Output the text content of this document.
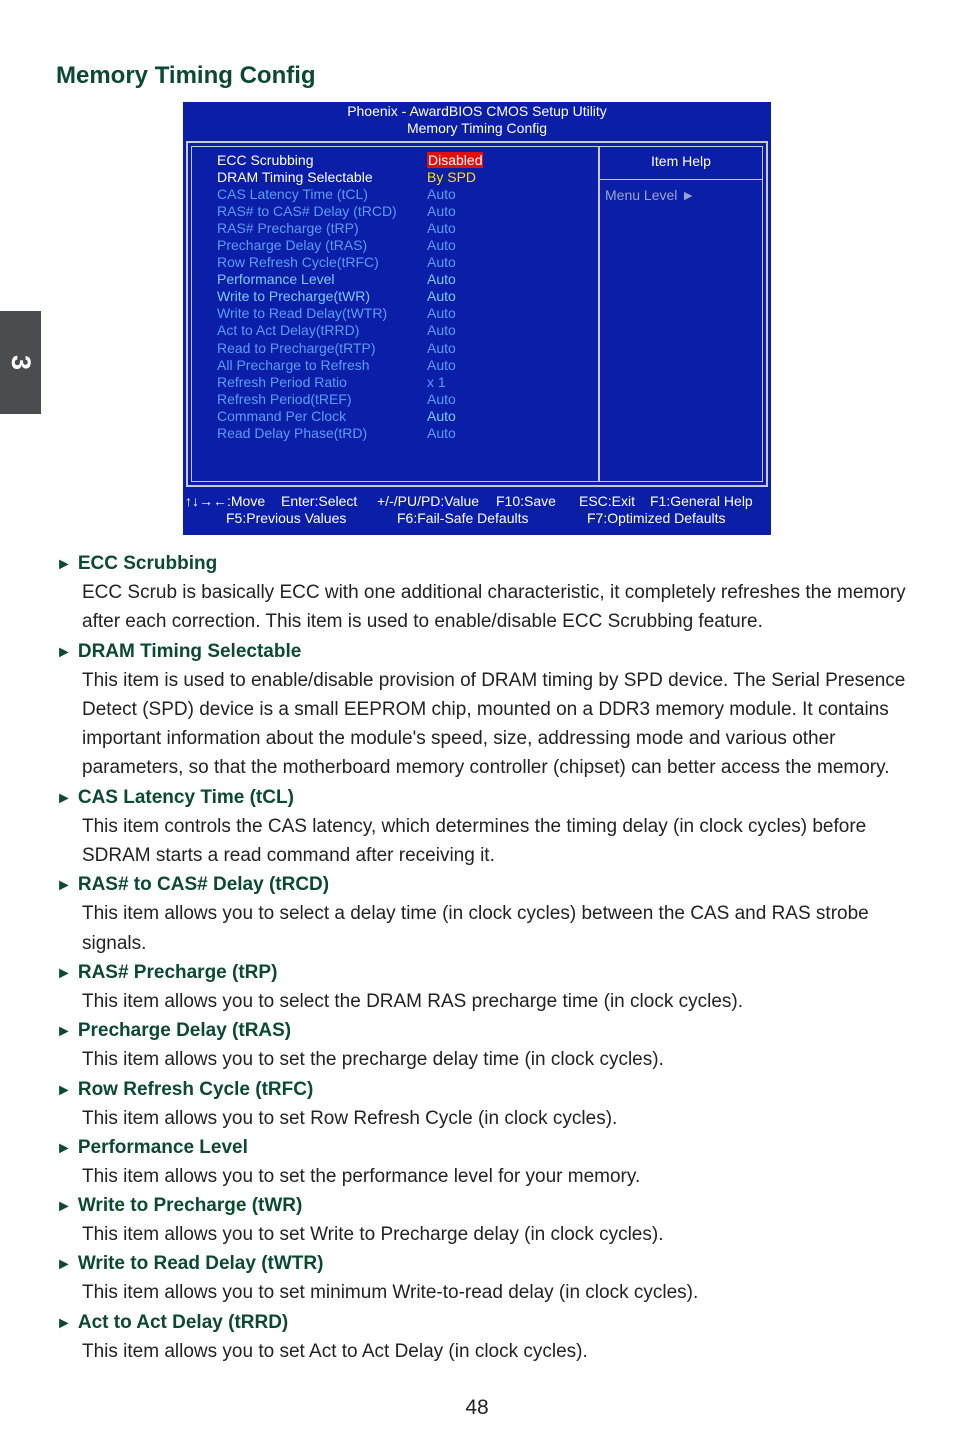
3
Memory Timing Config
Phoenix - AwardBIOS CMOS Setup Utility
Memory Timing Config
Item Help
Menu Level ►
ECC Scrubbing	Disabled
DRAM Timing Selectable	By SPD
CAS Latency Time (tCL)	Auto
RAS# to CAS# Delay (tRCD) Auto
RAS# Precharge (tRP)	Auto
Precharge Delay (tRAS)	Auto
Row Refresh Cycle(tRFC)	Auto
Performance Level	Auto
Write to Precharge(tWR)	Auto
Write to Read Delay(tWTR)	Auto
Act to Act Delay(tRRD)	Auto
Read to Precharge(tRTP)	Auto
All Precharge to Refresh	Auto
Refresh Period Ratio	x 1
Refresh Period(tREF)	Auto
Command Per Clock	Auto
Read Delay Phase(tRD)	Auto
↑↓→←:Move Enter:Select +/-/PU/PD:Value F10:Save ESC:Exit F1:General Help
F5:Previous Values	F6:Fail-Safe Defaults	F7:Optimized Defaults
► ECC Scrubbing
ECC Scrub is basically ECC with one additional characteristic, it completely refreshes the memory after each correction. This item is used to enable/disable ECC Scrubbing feature.
► DRAM Timing Selectable
This item is used to enable/disable provision of DRAM timing by SPD device. The Serial Presence Detect (SPD) device is a small EEPROM chip, mounted on a DDR3 memory module. It contains important information about the module's speed, size, addressing mode and various other parameters, so that the motherboard memory controller (chipset) can better access the memory.
► CAS Latency Time (tCL)
This item controls the CAS latency, which determines the timing delay (in clock cycles) before SDRAM starts a read command after receiving it.
► RAS# to CAS# Delay (tRCD)
This item allows you to select a delay time (in clock cycles) between the CAS and RAS strobe signals.
► RAS# Precharge (tRP)
This item allows you to select the DRAM RAS precharge time (in clock cycles).
► Precharge Delay (tRAS)
This item allows you to set the precharge delay time (in clock cycles).
► Row Refresh Cycle (tRFC)
This item allows you to set Row Refresh Cycle (in clock cycles).
► Performance Level
This item allows you to set the performance level for your memory.
► Write to Precharge (tWR)
This item allows you to set Write to Precharge delay (in clock cycles).
► Write to Read Delay (tWTR)
This item allows you to set minimum Write-to-read delay (in clock cycles).
► Act to Act Delay (tRRD)
This item allows you to set Act to Act Delay (in clock cycles).
48
